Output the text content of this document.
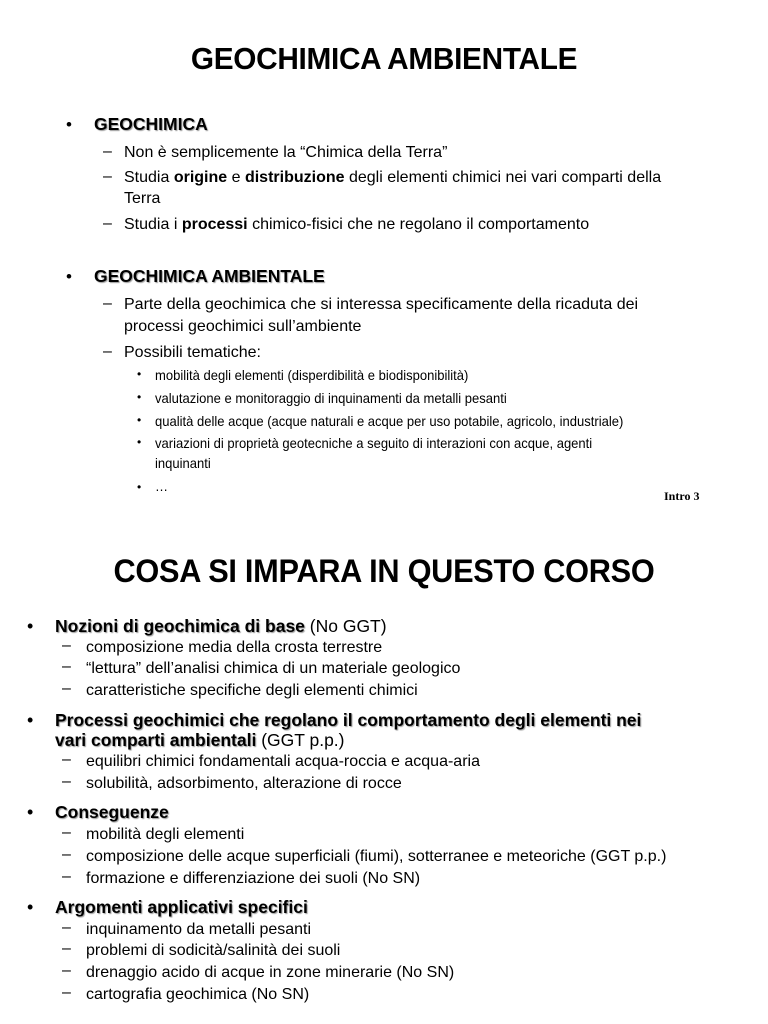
GEOCHIMICA AMBIENTALE
• GEOCHIMICA
– Non è semplicemente la “Chimica della Terra”
– Studia origine e distribuzione degli elementi chimici nei vari comparti della
Terra
– Studia i processi chimico-fisici che ne regolano il comportamento
• GEOCHIMICA AMBIENTALE
– Parte della geochimica che si interessa specificamente della ricaduta dei
processi geochimici sull’ambiente
– Possibili tematiche:
• mobilità degli elementi (disperdibilità e biodisponibilità)
• valutazione e monitoraggio di inquinamenti da metalli pesanti
• qualità delle acque (acque naturali e acque per uso potabile, agricolo, industriale)
• variazioni di proprietà geotecniche a seguito di interazioni con acque, agenti
inquinanti
• …
Intro 3
COSA SI IMPARA IN QUESTO CORSO
• Nozioni di geochimica di base (No GGT)
– composizione media della crosta terrestre
– “lettura” dell’analisi chimica di un materiale geologico
– caratteristiche specifiche degli elementi chimici
• Processi geochimici che regolano il comportamento degli elementi nei
vari comparti ambientali (GGT p.p.)
– equilibri chimici fondamentali acqua-roccia e acqua-aria
– solubilità, adsorbimento, alterazione di rocce
• Conseguenze
– mobilità degli elementi
– composizione delle acque superficiali (fiumi), sotterranee e meteoriche (GGT p.p.)
– formazione e differenziazione dei suoli (No SN)
• Argomenti applicativi specifici
– inquinamento da metalli pesanti
– problemi di sodicità/salinità dei suoli
– drenaggio acido di acque in zone minerarie (No SN)
– cartografia geochimica (No SN)
